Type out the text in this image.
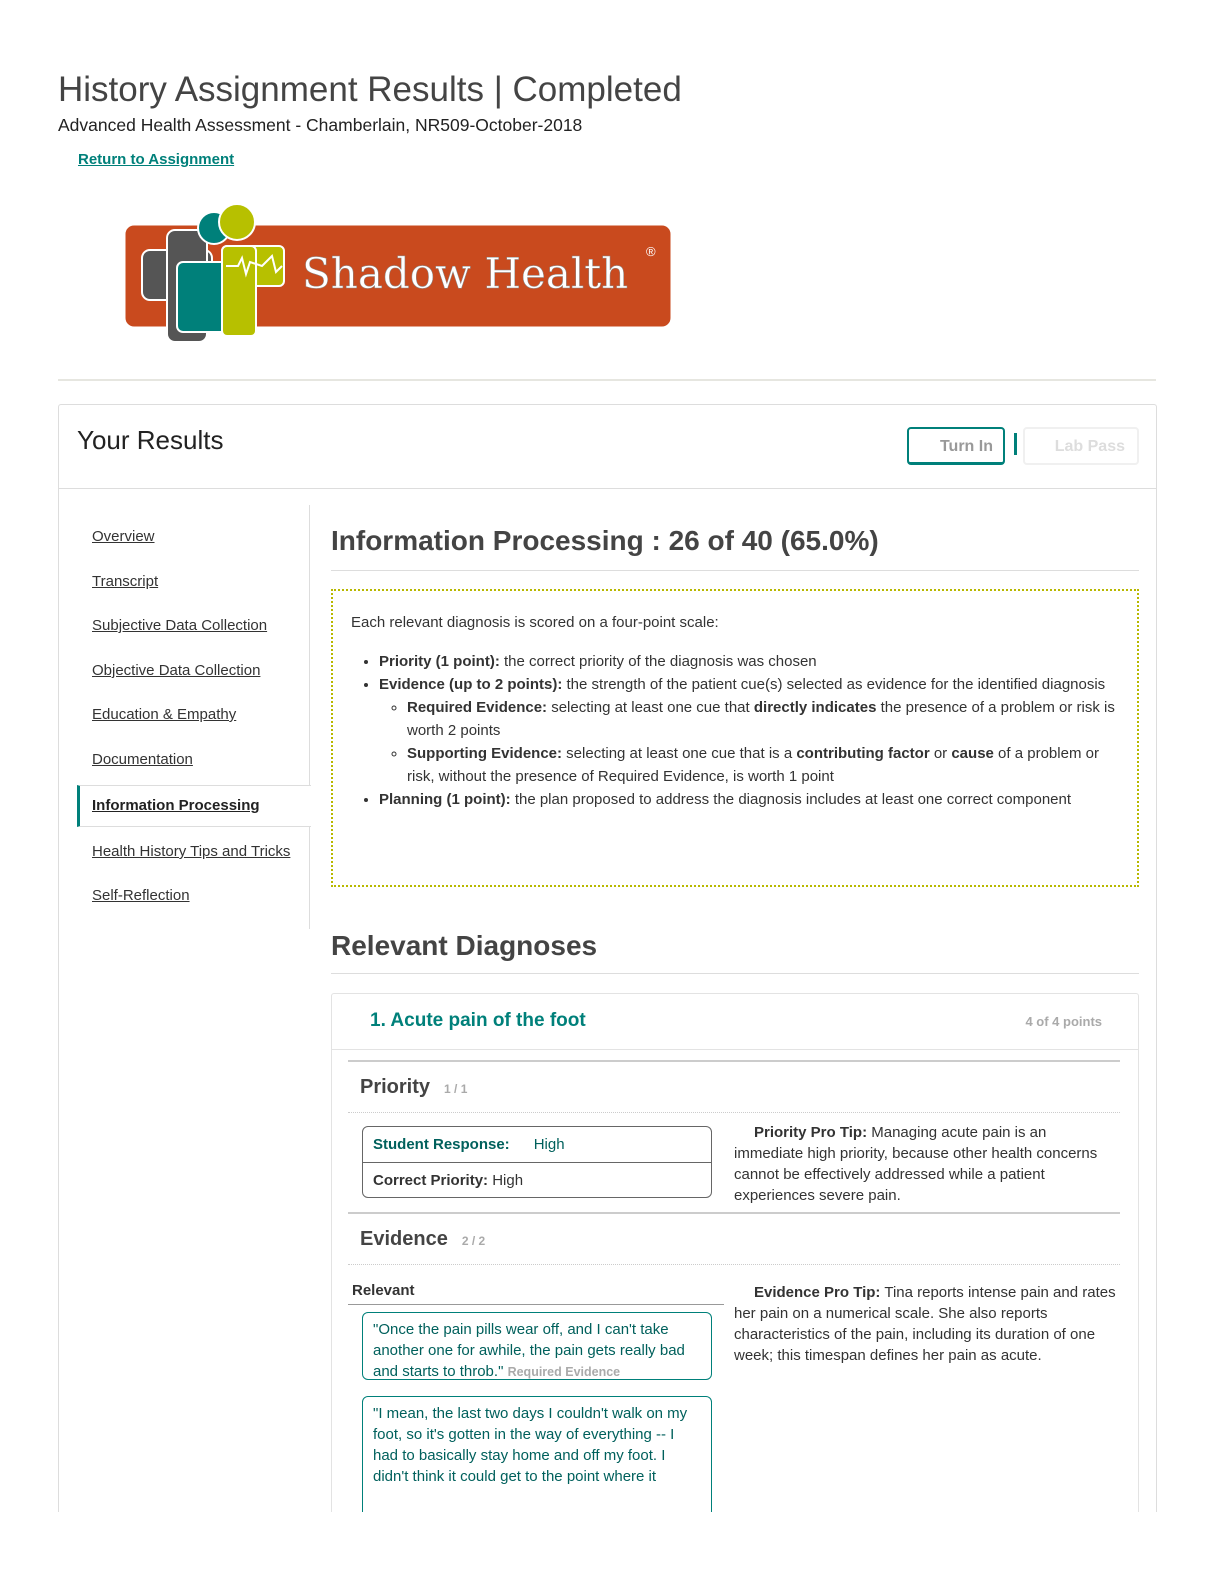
History Assignment Results | Completed
Advanced Health Assessment - Chamberlain, NR509-October-2018
Return to Assignment
Shadow Health ®
Your Results	Turn In	Lab Pass
Overview
Transcript
Subjective Data Collection
Objective Data Collection
Education & Empathy
Documentation
Information Processing
Health History Tips and Tricks
Self-Reflection
Information Processing : 26 of 40 (65.0%)
Each relevant diagnosis is scored on a four-point scale:
• Priority (1 point): the correct priority of the diagnosis was chosen
• Evidence (up to 2 points): the strength of the patient cue(s) selected as evidence for the identified diagnosis
◦ Required Evidence: selecting at least one cue that directly indicates the presence of a problem or risk is worth 2 points
◦ Supporting Evidence: selecting at least one cue that is a contributing factor or cause of a problem or risk, without the presence of Required Evidence, is worth 1 point
• Planning (1 point): the plan proposed to address the diagnosis includes at least one correct component
Relevant Diagnoses
1. Acute pain of the foot	4 of 4 points
Priority 1 / 1
Student Response: High
Correct Priority: High
Priority Pro Tip: Managing acute pain is an immediate high priority, because other health concerns cannot be effectively addressed while a patient experiences severe pain.
Evidence 2 / 2
Relevant
"Once the pain pills wear off, and I can't take another one for awhile, the pain gets really bad and starts to throb." Required Evidence
"I mean, the last two days I couldn't walk on my foot, so it's gotten in the way of everything -- I had to basically stay home and off my foot. I didn't think it could get to the point where it
Evidence Pro Tip: Tina reports intense pain and rates her pain on a numerical scale. She also reports characteristics of the pain, including its duration of one week; this timespan defines her pain as acute.
